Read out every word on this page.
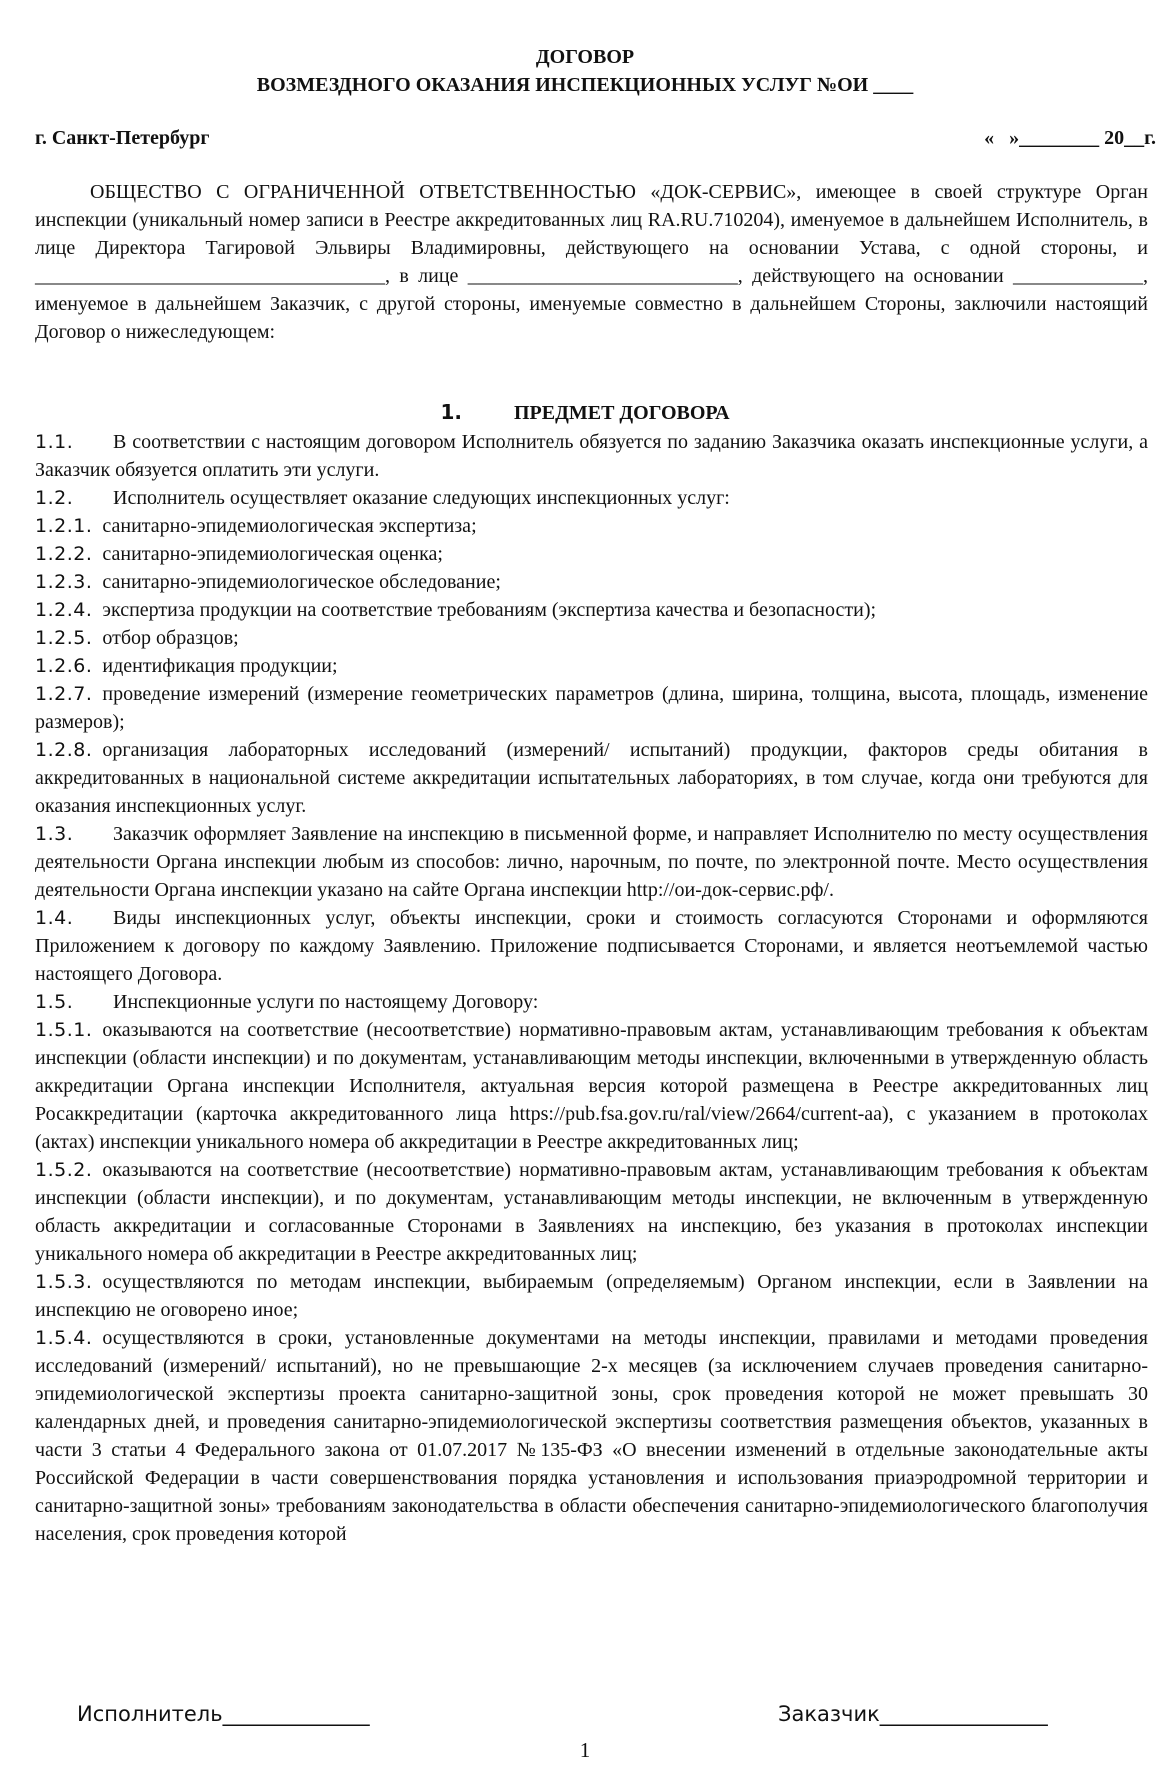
ДОГОВОР
ВОЗМЕЗДНОГО ОКАЗАНИЯ ИНСПЕКЦИОННЫХ УСЛУГ №ОИ ____
г. Санкт-Петербург	«   »________ 20__г.
ОБЩЕСТВО С ОГРАНИЧЕННОЙ ОТВЕТСТВЕННОСТЬЮ «ДОК-СЕРВИС», имеющее в своей структуре Орган инспекции (уникальный номер записи в Реестре аккредитованных лиц RA.RU.710204), именуемое в дальнейшем Исполнитель, в лице Директора Тагировой Эльвиры Владимировны, действующего на основании Устава, с одной стороны, и ___________________________________, в лице ___________________________, действующего на основании _____________, именуемое в дальнейшем Заказчик, с другой стороны, именуемые совместно в дальнейшем Стороны, заключили настоящий Договор о нижеследующем:
1.	ПРЕДМЕТ ДОГОВОРА
1.1. В соответствии с настоящим договором Исполнитель обязуется по заданию Заказчика оказать инспекционные услуги, а Заказчик обязуется оплатить эти услуги.
1.2. Исполнитель осуществляет оказание следующих инспекционных услуг:
1.2.1. санитарно-эпидемиологическая экспертиза;
1.2.2. санитарно-эпидемиологическая оценка;
1.2.3. санитарно-эпидемиологическое обследование;
1.2.4. экспертиза продукции на соответствие требованиям (экспертиза качества и безопасности);
1.2.5. отбор образцов;
1.2.6. идентификация продукции;
1.2.7. проведение измерений (измерение геометрических параметров (длина, ширина, толщина, высота, площадь, изменение размеров);
1.2.8. организация лабораторных исследований (измерений/ испытаний) продукции, факторов среды обитания в аккредитованных в национальной системе аккредитации испытательных лабораториях, в том случае, когда они требуются для оказания инспекционных услуг.
1.3. Заказчик оформляет Заявление на инспекцию в письменной форме, и направляет Исполнителю по месту осуществления деятельности Органа инспекции любым из способов: лично, нарочным, по почте, по электронной почте. Место осуществления деятельности Органа инспекции указано на сайте Органа инспекции http://ои-док-сервис.рф/.
1.4. Виды инспекционных услуг, объекты инспекции, сроки и стоимость согласуются Сторонами и оформляются Приложением к договору по каждому Заявлению. Приложение подписывается Сторонами, и является неотъемлемой частью настоящего Договора.
1.5. Инспекционные услуги по настоящему Договору:
1.5.1. оказываются на соответствие (несоответствие) нормативно-правовым актам, устанавливающим требования к объектам инспекции (области инспекции) и по документам, устанавливающим методы инспекции, включенными в утвержденную область аккредитации Органа инспекции Исполнителя, актуальная версия которой размещена в Реестре аккредитованных лиц Росаккредитации (карточка аккредитованного лица https://pub.fsa.gov.ru/ral/view/2664/current-aa), с указанием в протоколах (актах) инспекции уникального номера об аккредитации в Реестре аккредитованных лиц;
1.5.2. оказываются на соответствие (несоответствие) нормативно-правовым актам, устанавливающим требования к объектам инспекции (области инспекции), и по документам, устанавливающим методы инспекции, не включенным в утвержденную область аккредитации и согласованные Сторонами в Заявлениях на инспекцию, без указания в протоколах инспекции уникального номера об аккредитации в Реестре аккредитованных лиц;
1.5.3. осуществляются по методам инспекции, выбираемым (определяемым) Органом инспекции, если в Заявлении на инспекцию не оговорено иное;
1.5.4. осуществляются в сроки, установленные документами на методы инспекции, правилами и методами проведения исследований (измерений/ испытаний), но не превышающие 2-х месяцев (за исключением случаев проведения санитарно-эпидемиологической экспертизы проекта санитарно-защитной зоны, срок проведения которой не может превышать 30 календарных дней, и проведения санитарно-эпидемиологической экспертизы соответствия размещения объектов, указанных в части 3 статьи 4 Федерального закона от 01.07.2017 №135-ФЗ «О внесении изменений в отдельные законодательные акты Российской Федерации в части совершенствования порядка установления и использования приаэродромной территории и санитарно-защитной зоны» требованиям законодательства в области обеспечения санитарно-эпидемиологического благополучия населения, срок проведения которой
Исполнитель______________	Заказчик________________
1
